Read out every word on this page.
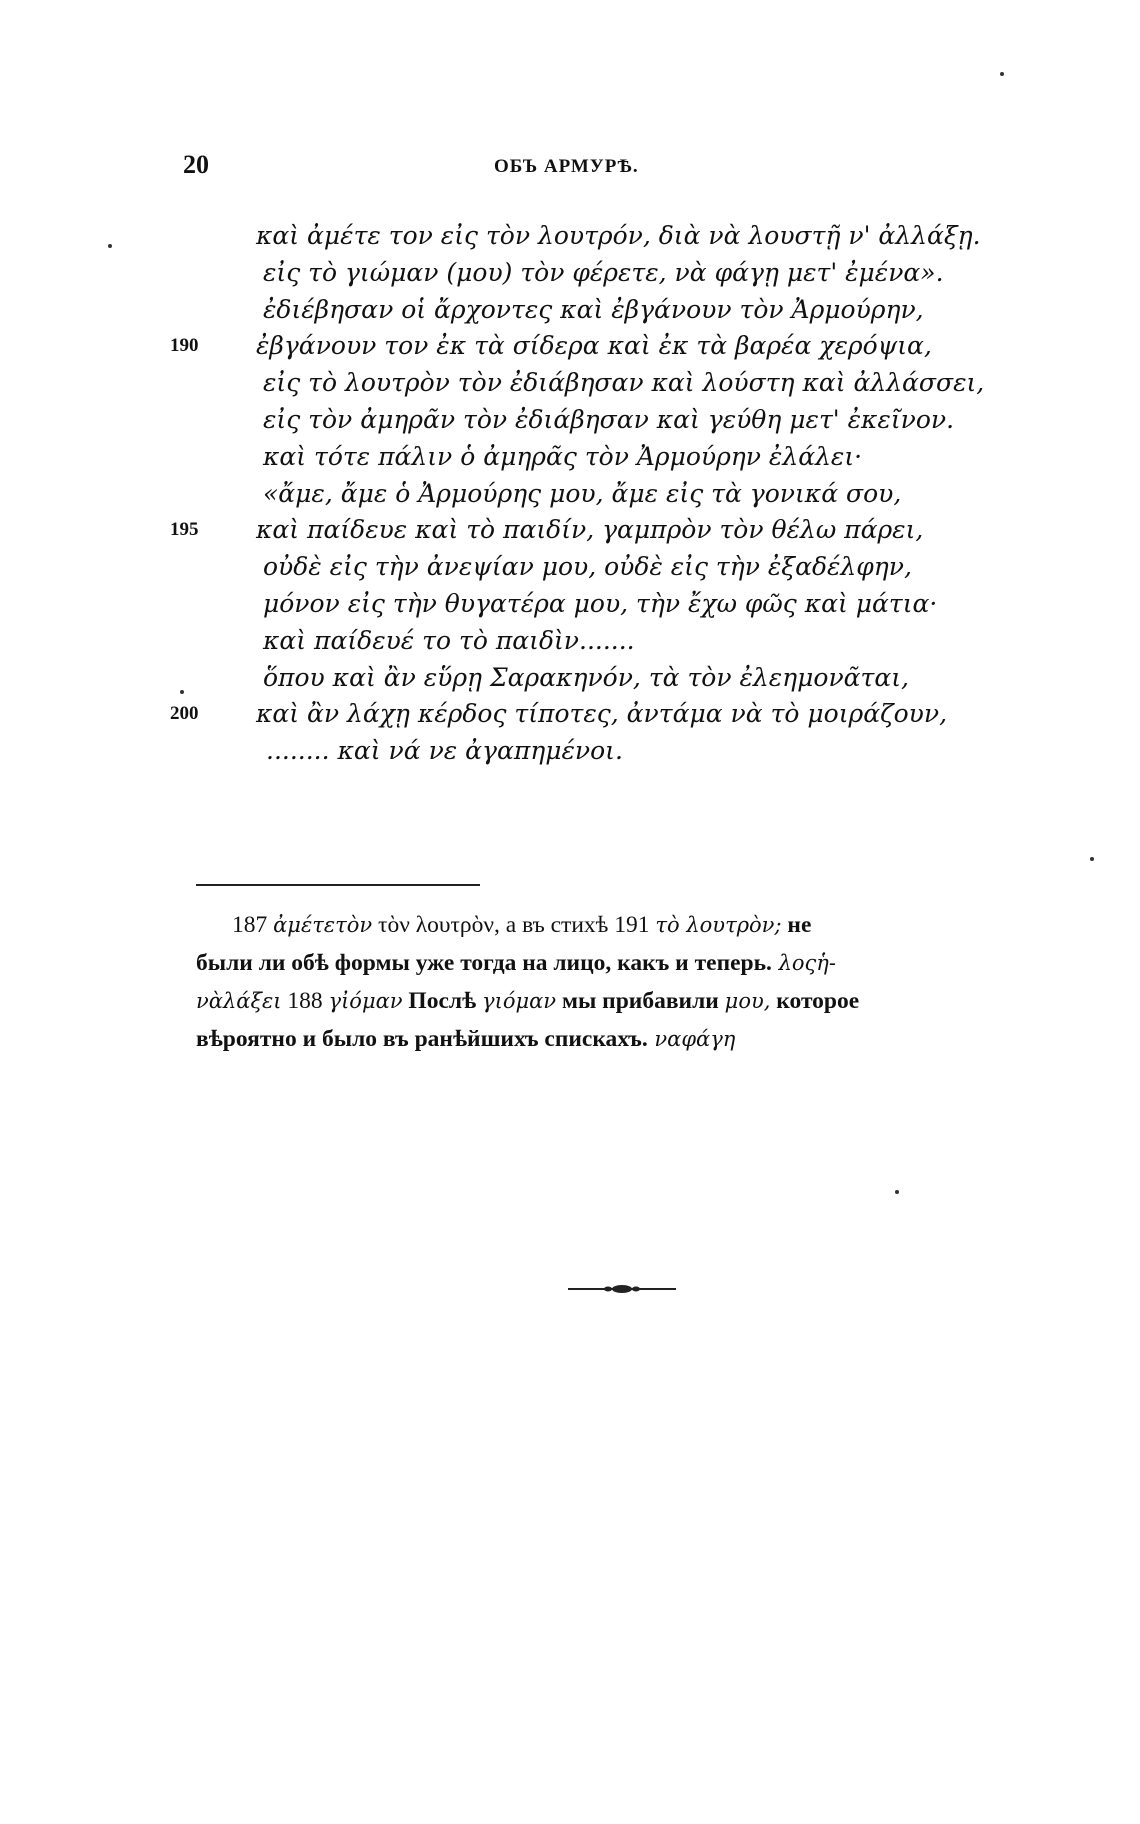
20	ОБЪ АРМУРѢ.
καὶ ἀμέτε τον εἰς τὸν λουτρόν, διὰ νὰ λουστῇ ν' ἀλλάξῃ.
εἰς τὸ γιώμαν (μου) τὸν φέρετε, νὰ φάγῃ μετ' ἐμένα».
ἐδιέβησαν οἱ ἄρχοντες καὶ ἐβγάνουν τὸν Ἀρμούρην,
190	ἐβγάνουν τον ἐκ τὰ σίδερα καὶ ἐκ τὰ βαρέα χερόψια,
εἰς τὸ λουτρὸν τὸν ἐδιάβησαν καὶ λούστη καὶ ἀλλάσσει,
εἰς τὸν ἀμηρᾶν τὸν ἐδιάβησαν καὶ γεύθη μετ' ἐκεῖνον.
καὶ τότε πάλιν ὁ ἀμηρᾶς τὸν Ἀρμούρην ἐλάλει·
«ἄμε, ἄμε ὁ Ἀρμούρης μου, ἄμε εἰς τὰ γονικά σου,
195	καὶ παίδευε καὶ τὸ παιδίν, γαμπρὸν τὸν θέλω πάρει,
οὐδὲ εἰς τὴν ἀνεψίαν μου, οὐδὲ εἰς τὴν ἐξαδέλφην,
μόνον εἰς τὴν θυγατέρα μου, τὴν ἔχω φῶς καὶ μάτια·
καὶ παίδευέ το τὸ παιδὶν.......
ὅπου καὶ ἂν εὕρῃ Σαρακηνόν, τὰ τὸν ἐλεημονᾶται,
200	καὶ ἂν λάχῃ κέρδος τίποτες, ἀντάμα νὰ τὸ μοιράζουν,
........ καὶ νά νε ἀγαπημένοι.
187 ἀμέτετὸν τὸν λουτρὸν, а въ стихѣ 191 τὸ λουτρὸν; не
были ли обѣ формы уже тогда на лицо, какъ и теперь. λοςἡ-
νὰλάξει 188 γἰόμαν Послѣ γιόμαν мы прибавили μου, которое
вѣроятно и было въ ранѣйшихъ спискахъ. ναφάγη
